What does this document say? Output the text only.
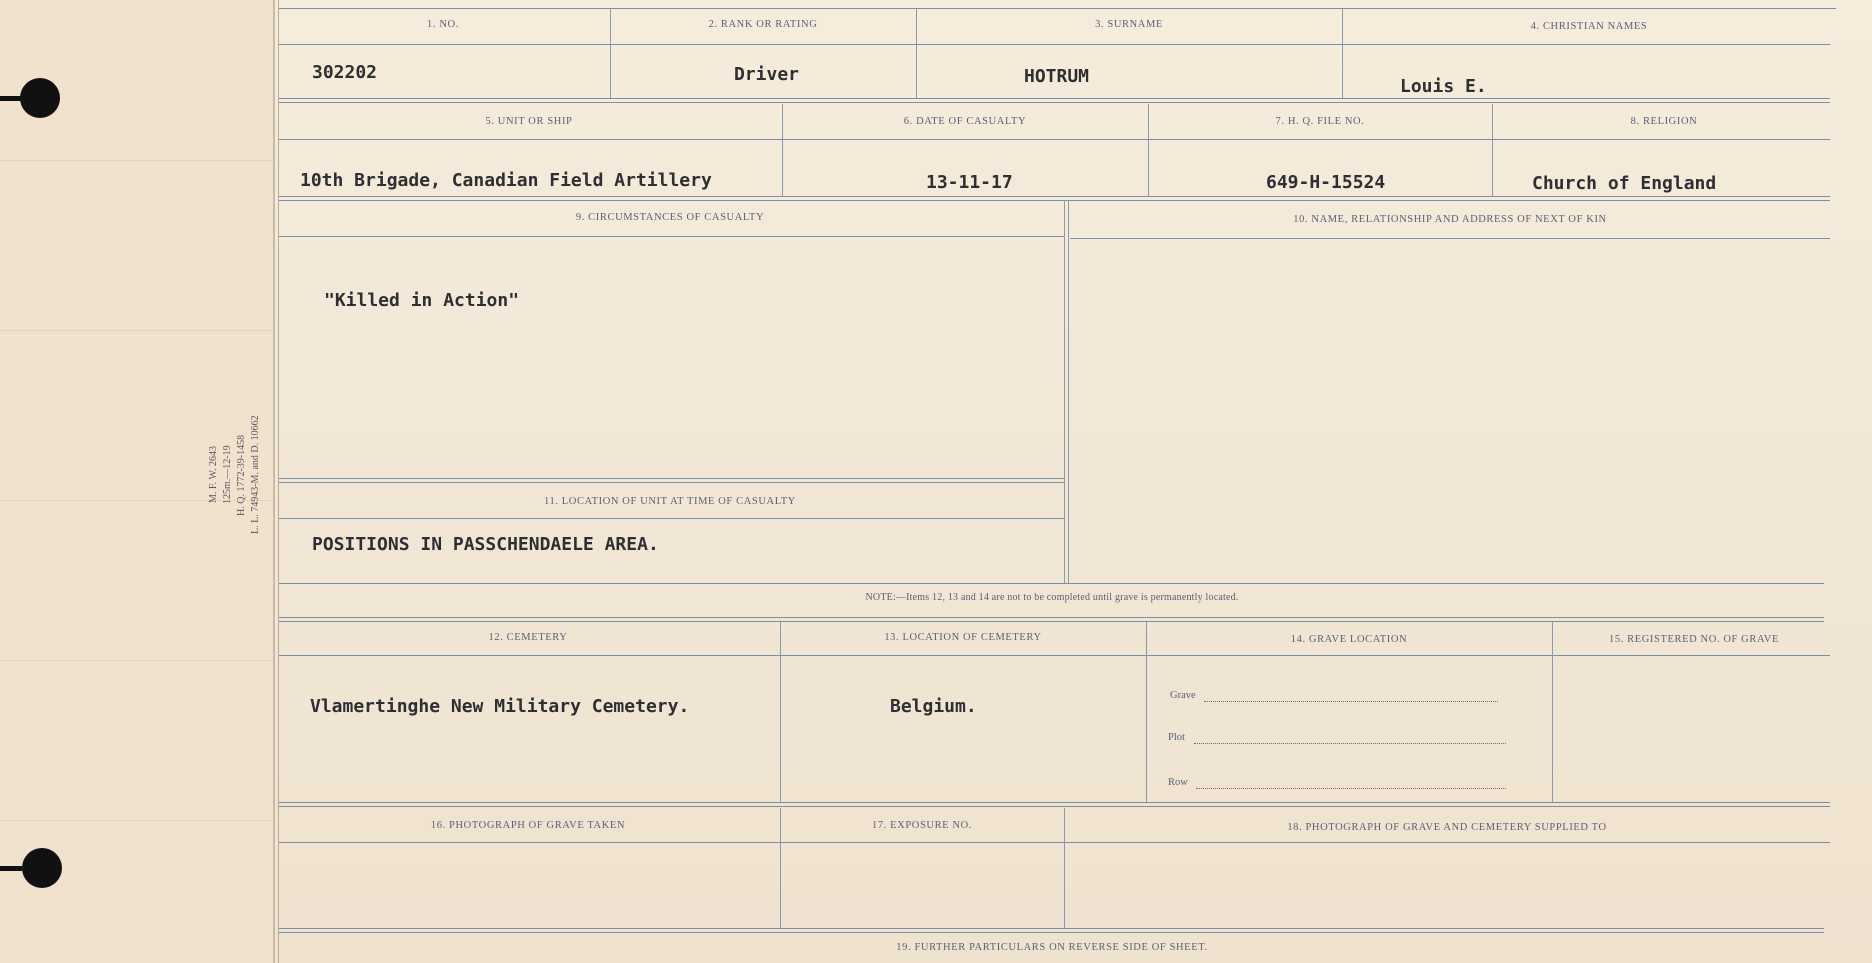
M. F. W. 2643 125m.—12-19 H. Q. 1772-39-1458 L. L. 74943-M. and D. 10662
1. NO.	2. RANK OR RATING	3. SURNAME	4. CHRISTIAN NAMES
302202	Driver	HOTRUM	Louis E.
5. UNIT OR SHIP	6. DATE OF CASUALTY	7. H. Q. FILE NO.	8. RELIGION
10th Brigade, Canadian Field Artillery	13-11-17	649-H-15524	Church of England
9. CIRCUMSTANCES OF CASUALTY	10. NAME, RELATIONSHIP AND ADDRESS OF NEXT OF KIN
"Killed in Action"
11. LOCATION OF UNIT AT TIME OF CASUALTY
POSITIONS IN PASSCHENDAELE AREA.
NOTE:—Items 12, 13 and 14 are not to be completed until grave is permanently located.
12. CEMETERY	13. LOCATION OF CEMETERY	14. GRAVE LOCATION	15. REGISTERED NO. OF GRAVE
Vlamertinghe New Military Cemetery.	Belgium.
Grave
Plot
Row
16. PHOTOGRAPH OF GRAVE TAKEN	17. EXPOSURE NO.	18. PHOTOGRAPH OF GRAVE AND CEMETERY SUPPLIED TO
19. FURTHER PARTICULARS ON REVERSE SIDE OF SHEET.
